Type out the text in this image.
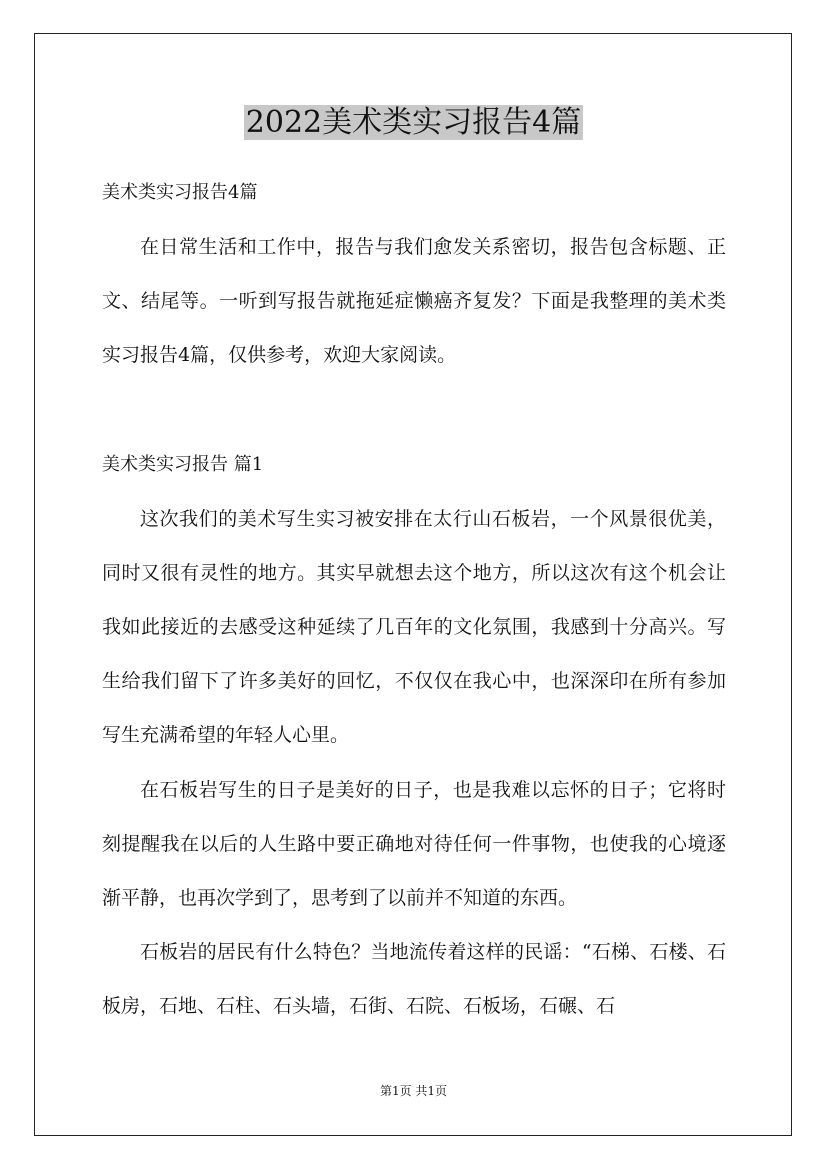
2022美术类实习报告4篇

美术类实习报告4篇

在日常生活和工作中，报告与我们愈发关系密切，报告包含标题、正文、结尾等。一听到写报告就拖延症懒癌齐复发？下面是我整理的美术类实习报告4篇，仅供参考，欢迎大家阅读。

美术类实习报告 篇1

这次我们的美术写生实习被安排在太行山石板岩，一个风景很优美，同时又很有灵性的地方。其实早就想去这个地方，所以这次有这个机会让我如此接近的去感受这种延续了几百年的文化氛围，我感到十分高兴。写生给我们留下了许多美好的回忆，不仅仅在我心中，也深深印在所有参加写生充满希望的年轻人心里。

在石板岩写生的日子是美好的日子，也是我难以忘怀的日子；它将时刻提醒我在以后的人生路中要正确地对待任何一件事物，也使我的心境逐渐平静，也再次学到了，思考到了以前并不知道的东西。

石板岩的居民有什么特色？当地流传着这样的民谣：“石梯、石楼、石板房，石地、石柱、石头墙，石街、石院、石板场，石碾、石

第1页 共1页
